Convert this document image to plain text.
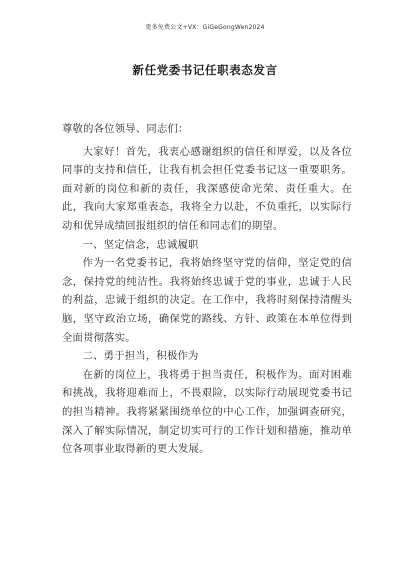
更多免费公文+VX：GiGeGongWen2024
新任党委书记任职表态发言

尊敬的各位领导、同志们：

大家好！首先，我衷心感谢组织的信任和厚爱，以及各位同事的支持和信任，让我有机会担任党委书记这一重要职务。面对新的岗位和新的责任，我深感使命光荣、责任重大。在此，我向大家郑重表态，我将全力以赴，不负重托，以实际行动和优异成绩回报组织的信任和同志们的期望。

一、坚定信念，忠诚履职

作为一名党委书记，我将始终坚守党的信仰，坚定党的信念，保持党的纯洁性。我将始终忠诚于党的事业，忠诚于人民的利益，忠诚于组织的决定。在工作中，我将时刻保持清醒头脑，坚守政治立场，确保党的路线、方针、政策在本单位得到全面贯彻落实。

二、勇于担当，积极作为

在新的岗位上，我将勇于担当责任，积极作为。面对困难和挑战，我将迎难而上，不畏艰险，以实际行动展现党委书记的担当精神。我将紧紧围绕单位的中心工作，加强调查研究，深入了解实际情况，制定切实可行的工作计划和措施，推动单位各项事业取得新的更大发展。
